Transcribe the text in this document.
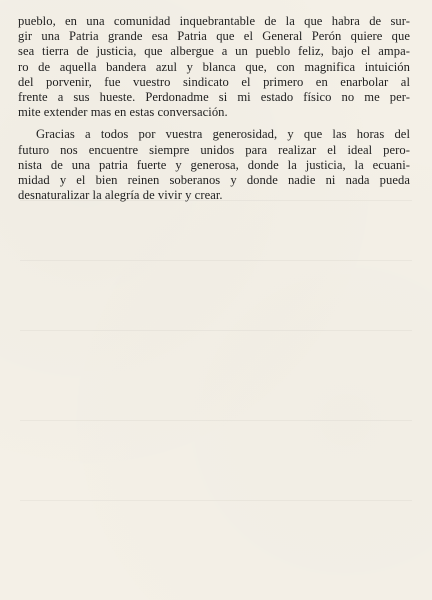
pueblo, en una comunidad inquebrantable de la que habra de sur-
gir una Patria grande esa Patria que el General Perón quiere que
sea tierra de justicia, que albergue a un pueblo feliz, bajo el ampa-
ro de aquella bandera azul y blanca que, con magnifica intuición
del porvenir, fue vuestro sindicato el primero en enarbolar al
frente a sus hueste. Perdonadme si mi estado físico no me per-
mite extender mas en estas conversación.

Gracias a todos por vuestra generosidad, y que las horas del
futuro nos encuentre siempre unidos para realizar el ideal pero-
nista de una patria fuerte y generosa, donde la justicia, la ecuani-
midad y el bien reinen soberanos y donde nadie ni nada pueda
desnaturalizar la alegría de vivir y crear.
